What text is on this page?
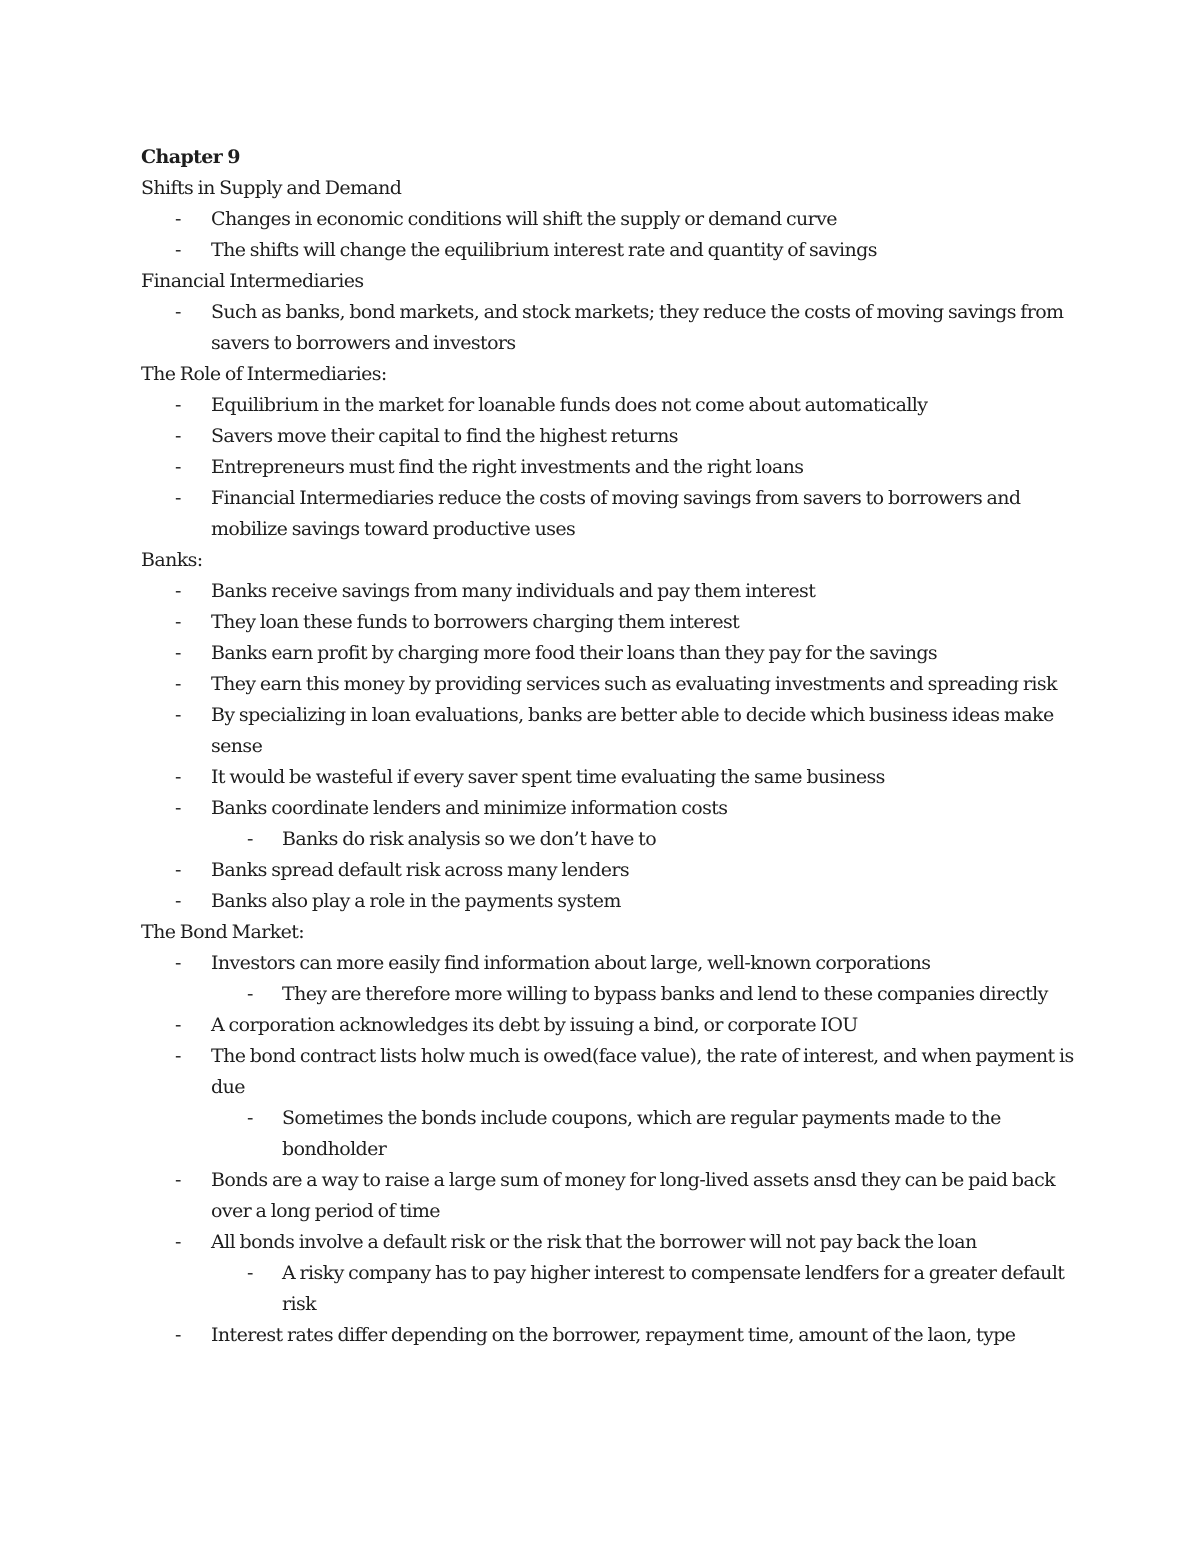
Chapter 9

Shifts in Supply and Demand

- Changes in economic conditions will shift the supply or demand curve

- The shifts will change the equilibrium interest rate and quantity of savings

Financial Intermediaries

- Such as banks, bond markets, and stock markets; they reduce the costs of moving savings from savers to borrowers and investors

The Role of Intermediaries:

- Equilibrium in the market for loanable funds does not come about automatically

- Savers move their capital to find the highest returns

- Entrepreneurs must find the right investments and the right loans

- Financial Intermediaries reduce the costs of moving savings from savers to borrowers and mobilize savings toward productive uses

Banks:

- Banks receive savings from many individuals and pay them interest

- They loan these funds to borrowers charging them interest

- Banks earn profit by charging more food their loans than they pay for the savings

- They earn this money by providing services such as evaluating investments and spreading risk

- By specializing in loan evaluations, banks are better able to decide which business ideas make sense

- It would be wasteful if every saver spent time evaluating the same business

- Banks coordinate lenders and minimize information costs

- Banks do risk analysis so we don’t have to

- Banks spread default risk across many lenders

- Banks also play a role in the payments system

The Bond Market:

- Investors can more easily find information about large, well-known corporations

- They are therefore more willing to bypass banks and lend to these companies directly

- A corporation acknowledges its debt by issuing a bind, or corporate IOU

- The bond contract lists holw much is owed(face value), the rate of interest, and when payment is due

- Sometimes the bonds include coupons, which are regular payments made to the bondholder

- Bonds are a way to raise a large sum of money for long-lived assets ansd they can be paid back over a long period of time

- All bonds involve a default risk or the risk that the borrower will not pay back the loan

- A risky company has to pay higher interest to compensate lendfers for a greater default risk

- Interest rates differ depending on the borrower, repayment time, amount of the laon, type
